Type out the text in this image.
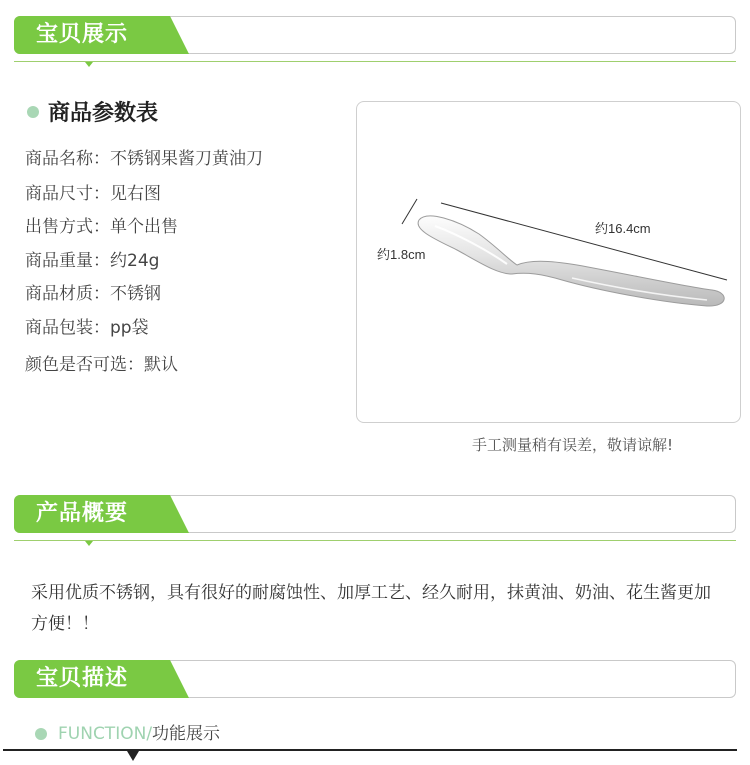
宝贝展示
商品参数表
商品名称：不锈钢果酱刀黄油刀
商品尺寸：见右图
出售方式：单个出售
商品重量：约24g
商品材质：不锈钢
商品包装：pp袋
颜色是否可选：默认
约1.8cm
约16.4cm
手工测量稍有误差，敬请谅解!
产品概要
采用优质不锈钢，具有很好的耐腐蚀性、加厚工艺、经久耐用，抹黄油、奶油、花生酱更加方便！！
宝贝描述
FUNCTION/功能展示
